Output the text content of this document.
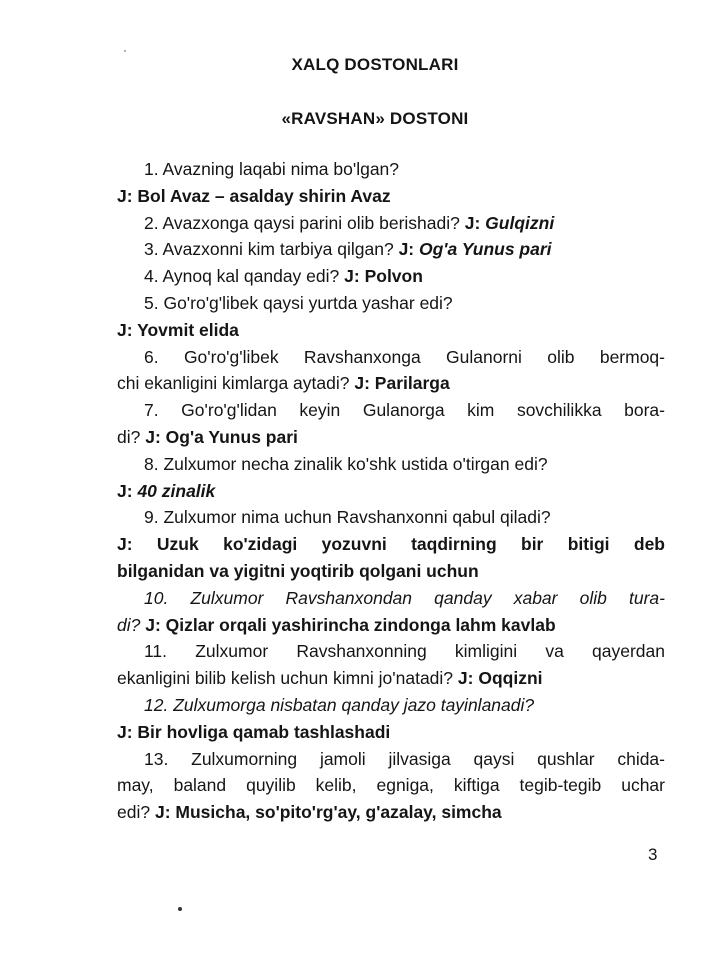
XALQ DOSTONLARI
«RAVSHAN» DOSTONI
1. Avazning laqabi nima bo'lgan?
J: Bol Avaz – asalday shirin Avaz
2. Avazxonga qaysi parini olib berishadi? J: Gulqizni
3. Avazxonni kim tarbiya qilgan? J: Og'a Yunus pari
4. Aynoq kal qanday edi? J: Polvon
5. Go'ro'g'libek qaysi yurtda yashar edi?
J: Yovmit elida
6. Go'ro'g'libek Ravshanxonga Gulanorni olib bermoq-
chi ekanligini kimlarga aytadi? J: Parilarga
7. Go'ro'g'lidan keyin Gulanorga kim sovchilikka bora-
di? J: Og'a Yunus pari
8. Zulxumor necha zinalik ko'shk ustida o'tirgan edi?
J: 40 zinalik
9. Zulxumor nima uchun Ravshanxonni qabul qiladi?
J: Uzuk ko'zidagi yozuvni taqdirning bir bitigi deb
bilganidan va yigitni yoqtirib qolgani uchun
10. Zulxumor Ravshanxondan qanday xabar olib tura-
di? J: Qizlar orqali yashirincha zindonga lahm kavlab
11. Zulxumor Ravshanxonning kimligini va qayerdan
ekanligini bilib kelish uchun kimni jo'natadi? J: Oqqizni
12. Zulxumorga nisbatan qanday jazo tayinlanadi?
J: Bir hovliga qamab tashlashadi
13. Zulxumorning jamoli jilvasiga qaysi qushlar chida-
may, baland quyilib kelib, egniga, kiftiga tegib-tegib uchar
edi? J: Musicha, so'pito'rg'ay, g'azalay, simcha
3
